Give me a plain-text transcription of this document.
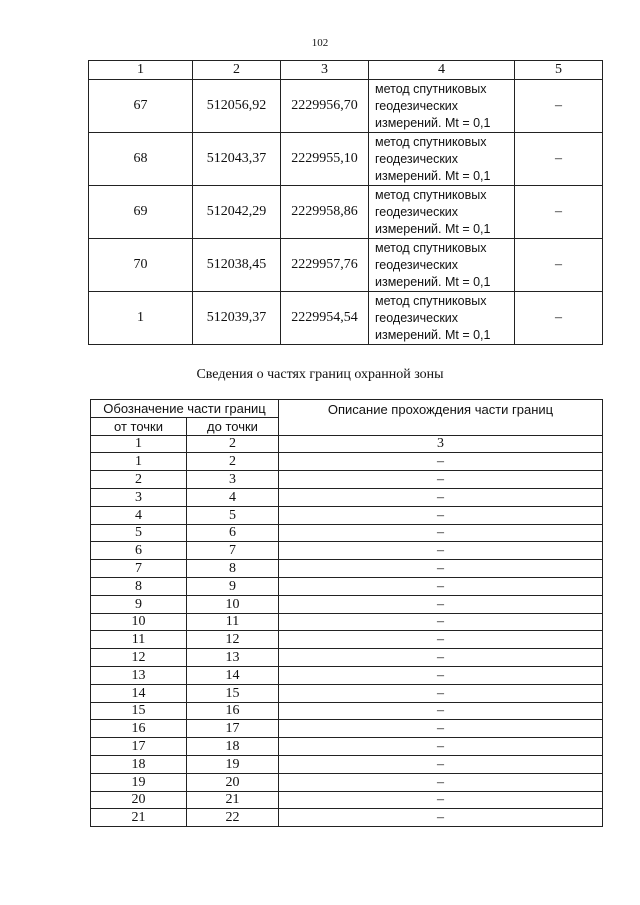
102
1	2	3	4	5
67	512056,92	2229956,70	метод спутниковых
геодезических
измерений. Mt = 0,1	–
68	512043,37	2229955,10	метод спутниковых
геодезических
измерений. Mt = 0,1	–
69	512042,29	2229958,86	метод спутниковых
геодезических
измерений. Mt = 0,1	–
70	512038,45	2229957,76	метод спутниковых
геодезических
измерений. Mt = 0,1	–
1	512039,37	2229954,54	метод спутниковых
геодезических
измерений. Mt = 0,1	–
Сведения о частях границ охранной зоны
Обозначение части границ		Описание прохождения части границ
от точки	до точки	
1	2	3
1	2	–
2	3	–
3	4	–
4	5	–
5	6	–
6	7	–
7	8	–
8	9	–
9	10	–
10	11	–
11	12	–
12	13	–
13	14	–
14	15	–
15	16	–
16	17	–
17	18	–
18	19	–
19	20	–
20	21	–
21	22	–
